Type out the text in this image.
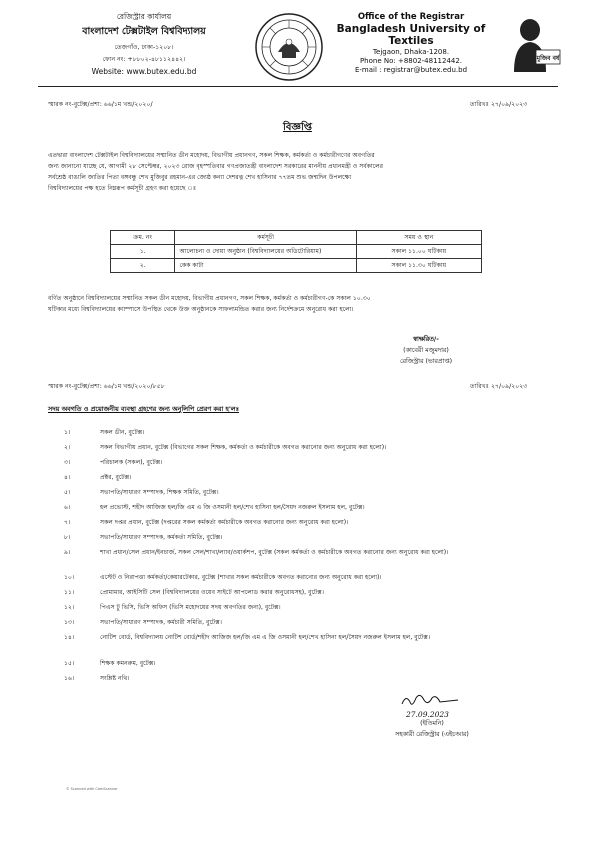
রেজিস্ট্রার কার্যালয়
বাংলাদেশ টেক্সটাইল বিশ্ববিদ্যালয়
তেজগাঁও, ঢাকা-১২০৮।
ফোন নং: +৮৮০২-৪৮১১২৪৪২।
Website: www.butex.edu.bd
Office of the Registrar
Bangladesh University of Textiles
Tejgaon, Dhaka-1208.
Phone No: +8802-48112442.
E-mail : registrar@butex.edu.bd
মুজিব বর্ষ
স্মারক নং-বুটেক্স/প্রশা: ৬৬/১ম খন্ড/২০২০/	তারিখঃ ২৭/০৯/২০২৩
বিজ্ঞপ্তি
এতদ্বারা বাংলাদেশ টেক্সটাইল বিশ্ববিদ্যালয়ের সম্মানিত ডীন মহোদয়, বিভাগীয় প্রধানগণ, সকল শিক্ষক, কর্মকর্তা ও কর্মচারীগণের অবগতির
জন্য জানানো যাচ্ছে যে, আগামী ২৮ সেপ্টেম্বর, ২০২৩ রোজ বৃহস্পতিবার গণপ্রজাতন্ত্রী বাংলাদেশ সরকারের মাননীয় প্রধানমন্ত্রী ও সর্বকালের
সর্বশ্রেষ্ঠ বাঙালি জাতির পিতা বঙ্গবন্ধু শেখ মুজিবুর রহমান-এর জ্যেষ্ঠ কন্যা দেশরত্ন শেখ হাসিনার ৭৭তম শুভ জন্মদিন উপলক্ষ্যে
বিশ্ববিদ্যালয়ের পক্ষ হতে নিম্নরূপ কর্মসূচী গ্রহণ করা হয়েছে ঃ
ক্রম. নং	কর্মসূচী	সময় ও স্থান
১.	আলোচনা ও দোয়া অনুষ্ঠান (বিশ্ববিদ্যালয়ের অডিটোরিয়াম)	সকাল ১১.০০ ঘটিকায়
২.	কেক কাটা	সকাল ১১.৩০ ঘটিকায়
বর্ণিত অনুষ্ঠানে বিশ্ববিদ্যালয়ের সম্মানিত সকল ডীন মহোদয়, বিভাগীয় প্রধানগণ, সকল শিক্ষক, কর্মকর্তা ও কর্মচারীগণ-কে সকাল ১০.৩০
ঘটিকার মধ্যে বিশ্ববিদ্যালয়ের ক্যাম্পাসে উপস্থিত থেকে উক্ত অনুষ্ঠানকে সাফল্যমন্ডিত করার জন্য নির্দেশক্রমে অনুরোধ করা হলো।
স্বাক্ষরিত/-
(কাবেরী মজুমদার)
রেজিস্ট্রার (ভারপ্রাপ্ত)
স্মারক নং-বুটেক্স/প্রশা: ৬৬/১ম খন্ড/২০২০/৮৫৮	তারিখঃ ২৭/০৯/২০২৩
সদয় অবগতি ও প্রয়োজনীয় ব্যবস্থা গ্রহণের জন্য অনুলিপি প্রেরণ করা হ'লঃ
১।	সকল ডীন, বুটেক্স।
২।	সকল বিভাগীয় প্রধান, বুটেক্স (বিভাগের সকল শিক্ষক, কর্মকর্তা ও কর্মচারীকে অবগত করানোর জন্য অনুরোধ করা হলো)।
৩।	পরিচালক (সকল), বুটেক্স।
৪।	প্রক্টর, বুটেক্স।
৫।	সভাপতি/সাধারণ সম্পাদক, শিক্ষক সমিতি, বুটেক্স।
৬।	হল প্রভোস্ট, শহীদ আজিজ হল/জি এম এ জি ওসমানী হল/শেখ হাসিনা হল/সৈয়দ নজরুল ইসলাম হল, বুটেক্স।
৭।	সকল দপ্তর প্রধান, বুটেক্স (দপ্তরের সকল কর্মকর্তা কর্মচারীকে অবগত করানোর জন্য অনুরোধ করা হলো)।
৮।	সভাপতি/সাধারণ সম্পাদক, কর্মকর্তা সমিতি, বুটেক্স।
৯।	শাখা প্রধান/সেল প্রধান/ইনচার্জ, সকল সেল/শাখা/ল্যাব/ওয়ার্কশপ, বুটেক্স (সকল কর্মকর্তা ও কর্মচারীকে অবগত করানোর জন্য অনুরোধ করা হলো)।
১০।	এস্টেট ও নিরাপত্তা কর্মকর্তা/কেয়ারটেকার, বুটেক্স (শাখার সকল কর্মচারীকে অবগত করানোর জন্য অনুরোধ করা হলো)।
১১।	প্রোমামার, আইসিটি সেল (বিশ্ববিদ্যালয়ের ওয়েব সাইটে আপলোড করার অনুরোধসহ), বুটেক্স।
১২।	পিএস টু ভিসি, ভিসি অফিস (ভিসি মহোদয়ের সদয় অবগতির জন্য), বুটেক্স।
১৩।	সভাপতি/সাধারণ সম্পাদক, কর্মচারী সমিতি, বুটেক্স।
১৪।	নোটিশ বোর্ড, বিশ্ববিদ্যালয় নোটিশ বোর্ড/শহীদ আজিজ হল/জি এম এ জি ওসমানী হল/শেখ হাসিনা হল/সৈয়দ নজরুল ইসলাম হল, বুটেক্স।
১৫।	শিক্ষক কমনরুম, বুটেক্স।
১৬।	সংশ্লিষ্ট নথি।
27.09.2023
(ইতিমনি)
সহকারী রেজিস্ট্রার (এইচআর)
© Scanned with CamScanner
